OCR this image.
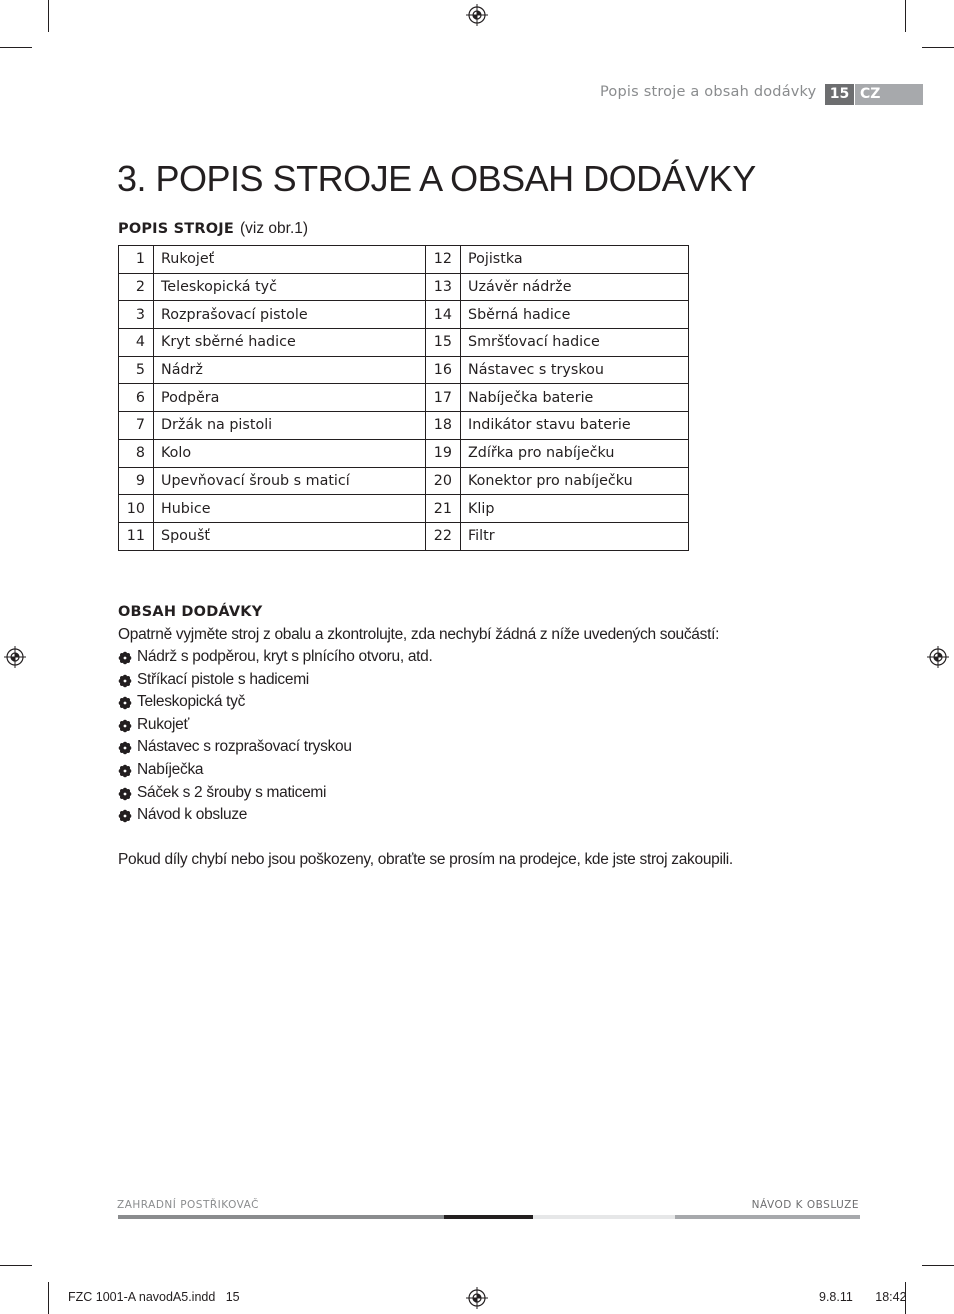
Popis stroje a obsah dodávky 15 CZ
3. POPIS STROJE A OBSAH DODÁVKY
POPIS STROJE (viz obr.1)
1	Rukojeť	12	Pojistka
2	Teleskopická tyč	13	Uzávěr nádrže
3	Rozprašovací pistole	14	Sběrná hadice
4	Kryt sběrné hadice	15	Smršťovací hadice
5	Nádrž	16	Nástavec s tryskou
6	Podpěra	17	Nabíječka baterie
7	Držák na pistoli	18	Indikátor stavu baterie
8	Kolo	19	Zdířka pro nabíječku
9	Upevňovací šroub s maticí	20	Konektor pro nabíječku
10	Hubice	21	Klip
11	Spoušť	22	Filtr
OBSAH DODÁVKY
Opatrně vyjměte stroj z obalu a zkontrolujte, zda nechybí žádná z níže uvedených součástí:
Nádrž s podpěrou, kryt s plnícího otvoru, atd.
Stříkací pistole s hadicemi
Teleskopická tyč
Rukojeť
Nástavec s rozprašovací tryskou
Nabíječka
Sáček s 2 šrouby s maticemi
Návod k obsluze
Pokud díly chybí nebo jsou poškozeny, obraťte se prosím na prodejce, kde jste stroj zakoupili.
ZAHRADNÍ POSTŘIKOVAČ	NÁVOD K OBSLUZE
FZC 1001-A navodA5.indd   15	9.8.11   18:42
